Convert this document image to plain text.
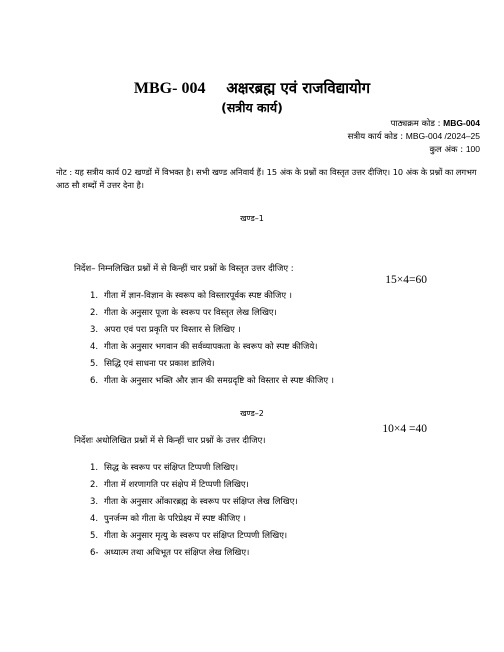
MBG- 004 अक्षरब्रह्म एवं राजविद्यायोग
(सत्रीय कार्य)
पाठ्यक्रम कोड : MBG-004
सत्रीय कार्य कोड : MBG-004 /2024–25
कुल अंक : 100
नोट : यह सत्रीय कार्य 02 खण्डों में विभक्त है। सभी खण्ड अनिवार्य हैं। 15 अंक के प्रश्नों का विस्तृत उत्तर दीजिए। 10 अंक के प्रश्नों का लगभग आठ सौ शब्दों में उत्तर देना है।
खण्ड–1
निर्देश– निम्नलिखित प्रश्नों में से किन्हीं चार प्रश्नों के विस्तृत उत्तर दीजिए :
15×4=60
1. गीता में ज्ञान-विज्ञान के स्वरूप को विस्तारपूर्वक स्पष्ट कीजिए ।
2. गीता के अनुसार पूजा के स्वरूप पर विस्तृत लेख लिखिए।
3. अपरा एवं परा प्रकृति पर विस्तार से लिखिए ।
4. गीता के अनुसार भगवान की सर्वव्यापकता के स्वरूप को स्पष्ट कीजिये।
5. सिद्धि एवं साधना पर प्रकाश डालिये।
6. गीता के अनुसार भक्ति और ज्ञान की समग्रदृष्टि को विस्तार से स्पष्ट कीजिए ।
खण्ड–2
10×4 =40
निर्देशः अधोलिखित प्रश्नों में से किन्हीं चार प्रश्नों के उत्तर दीजिए।
1. सिद्ध के स्वरूप पर संक्षिप्त टिप्पणी लिखिए।
2. गीता में शरणागति पर संक्षेप में टिप्पणी लिखिए।
3. गीता के अनुसार ओंकारब्रह्म के स्वरूप पर संक्षिप्त लेख लिखिए।
4. पुनर्जन्म को गीता के परिप्रेक्ष्य में स्पष्ट कीजिए ।
5. गीता के अनुसार मृत्यु के स्वरूप पर संक्षिप्त टिप्पणी लिखिए।
6- अध्यात्म तथा अधिभूत पर संक्षिप्त लेख लिखिए।
